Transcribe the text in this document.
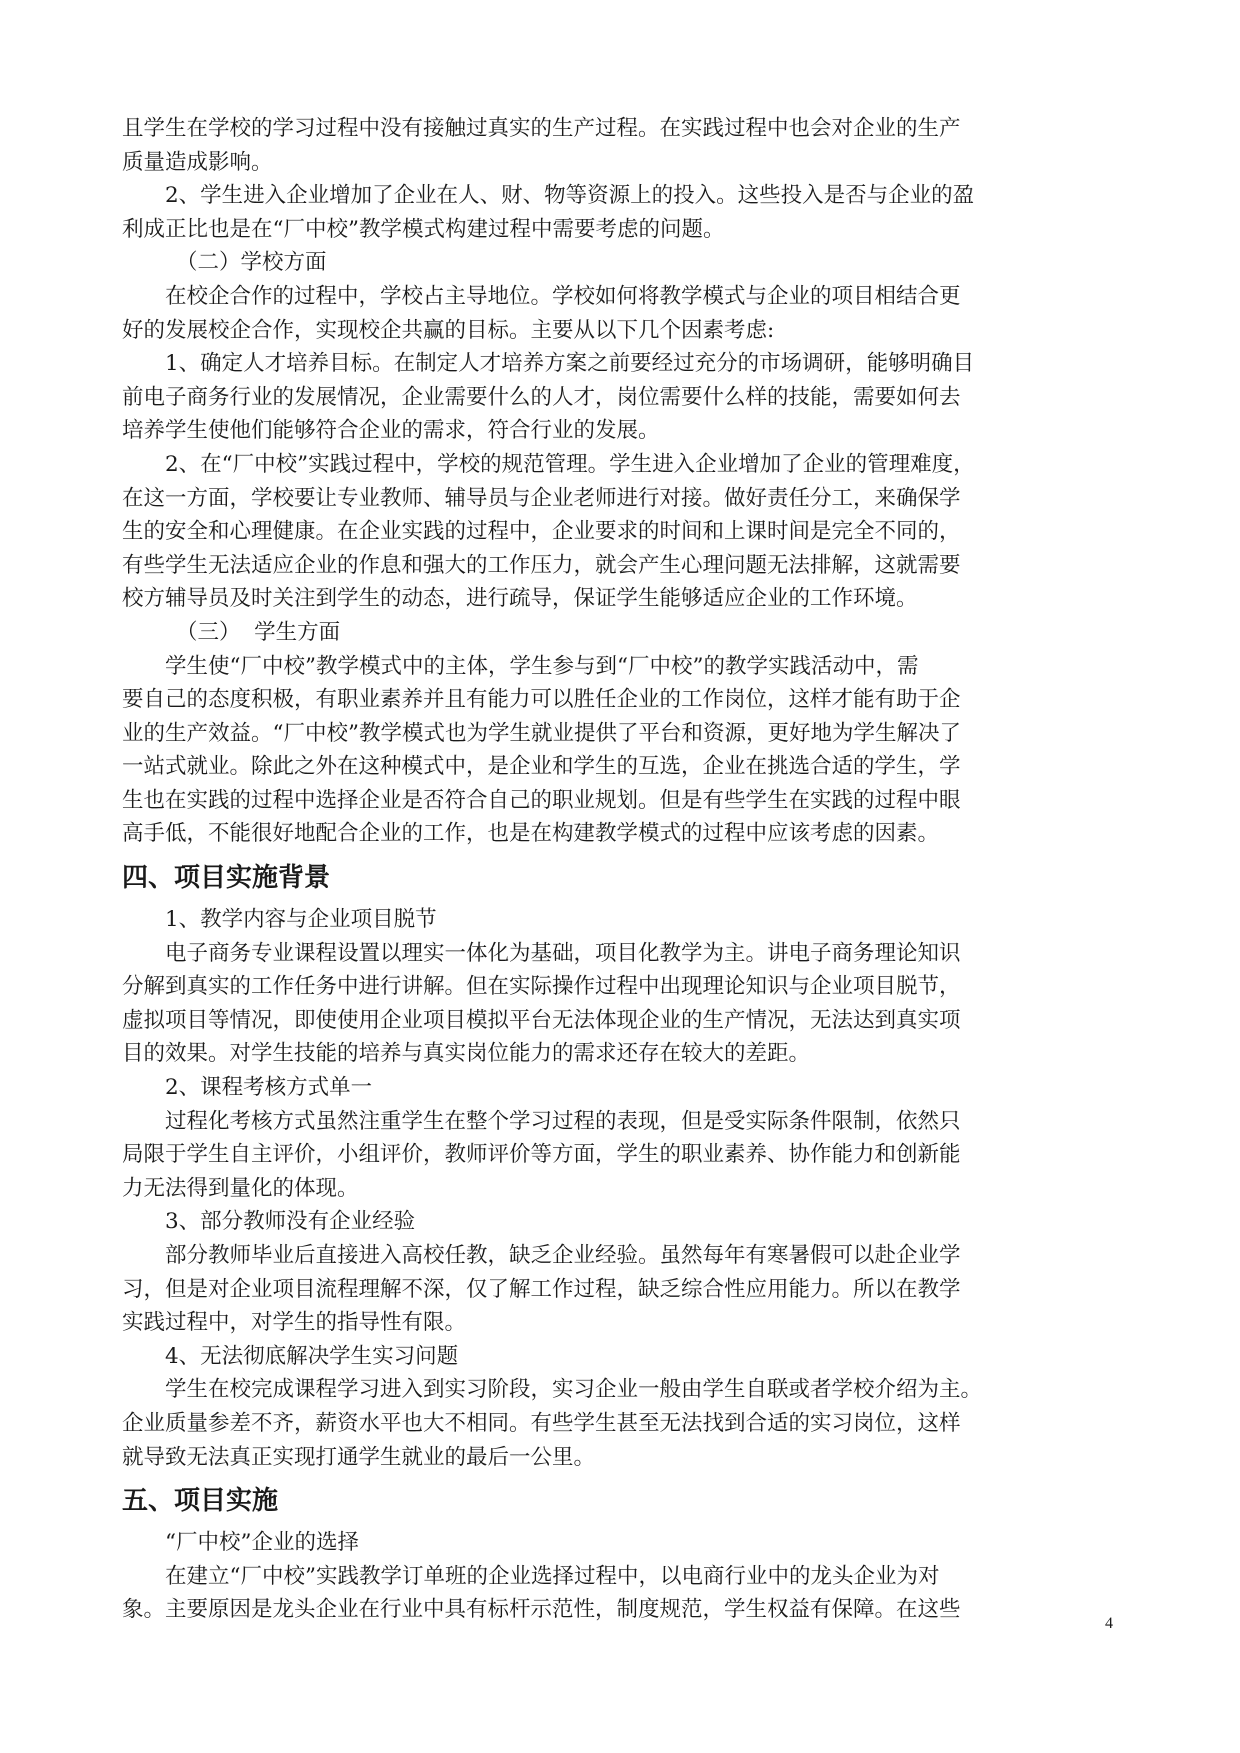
且学生在学校的学习过程中没有接触过真实的生产过程。在实践过程中也会对企业的生产

质量造成影响。

2、学生进入企业增加了企业在人、财、物等资源上的投入。这些投入是否与企业的盈

利成正比也是在“厂中校”教学模式构建过程中需要考虑的问题。

（二）学校方面

在校企合作的过程中，学校占主导地位。学校如何将教学模式与企业的项目相结合更

好的发展校企合作，实现校企共赢的目标。主要从以下几个因素考虑:

1、确定人才培养目标。在制定人才培养方案之前要经过充分的市场调研，能够明确目

前电子商务行业的发展情况，企业需要什么的人才，岗位需要什么样的技能，需要如何去

培养学生使他们能够符合企业的需求，符合行业的发展。

2、在“厂中校”实践过程中，学校的规范管理。学生进入企业增加了企业的管理难度，

在这一方面，学校要让专业教师、辅导员与企业老师进行对接。做好责任分工，来确保学

生的安全和心理健康。在企业实践的过程中，企业要求的时间和上课时间是完全不同的，

有些学生无法适应企业的作息和强大的工作压力，就会产生心理问题无法排解，这就需要

校方辅导员及时关注到学生的动态，进行疏导，保证学生能够适应企业的工作环境。

（三）  学生方面

学生使“厂中校”教学模式中的主体，学生参与到“厂中校”的教学实践活动中，需

要自己的态度积极，有职业素养并且有能力可以胜任企业的工作岗位，这样才能有助于企

业的生产效益。“厂中校”教学模式也为学生就业提供了平台和资源，更好地为学生解决了

一站式就业。除此之外在这种模式中，是企业和学生的互选，企业在挑选合适的学生，学

生也在实践的过程中选择企业是否符合自己的职业规划。但是有些学生在实践的过程中眼

高手低，不能很好地配合企业的工作，也是在构建教学模式的过程中应该考虑的因素。

四、项目实施背景

1、教学内容与企业项目脱节

电子商务专业课程设置以理实一体化为基础，项目化教学为主。讲电子商务理论知识

分解到真实的工作任务中进行讲解。但在实际操作过程中出现理论知识与企业项目脱节，

虚拟项目等情况，即使使用企业项目模拟平台无法体现企业的生产情况，无法达到真实项

目的效果。对学生技能的培养与真实岗位能力的需求还存在较大的差距。

2、课程考核方式单一

过程化考核方式虽然注重学生在整个学习过程的表现，但是受实际条件限制，依然只

局限于学生自主评价，小组评价，教师评价等方面，学生的职业素养、协作能力和创新能

力无法得到量化的体现。

3、部分教师没有企业经验

部分教师毕业后直接进入高校任教，缺乏企业经验。虽然每年有寒暑假可以赴企业学

习，但是对企业项目流程理解不深，仅了解工作过程，缺乏综合性应用能力。所以在教学

实践过程中，对学生的指导性有限。

4、无法彻底解决学生实习问题

学生在校完成课程学习进入到实习阶段，实习企业一般由学生自联或者学校介绍为主。

企业质量参差不齐，薪资水平也大不相同。有些学生甚至无法找到合适的实习岗位，这样

就导致无法真正实现打通学生就业的最后一公里。

五、项目实施

“厂中校”企业的选择

在建立“厂中校”实践教学订单班的企业选择过程中，以电商行业中的龙头企业为对

象。主要原因是龙头企业在行业中具有标杆示范性，制度规范，学生权益有保障。在这些

4
